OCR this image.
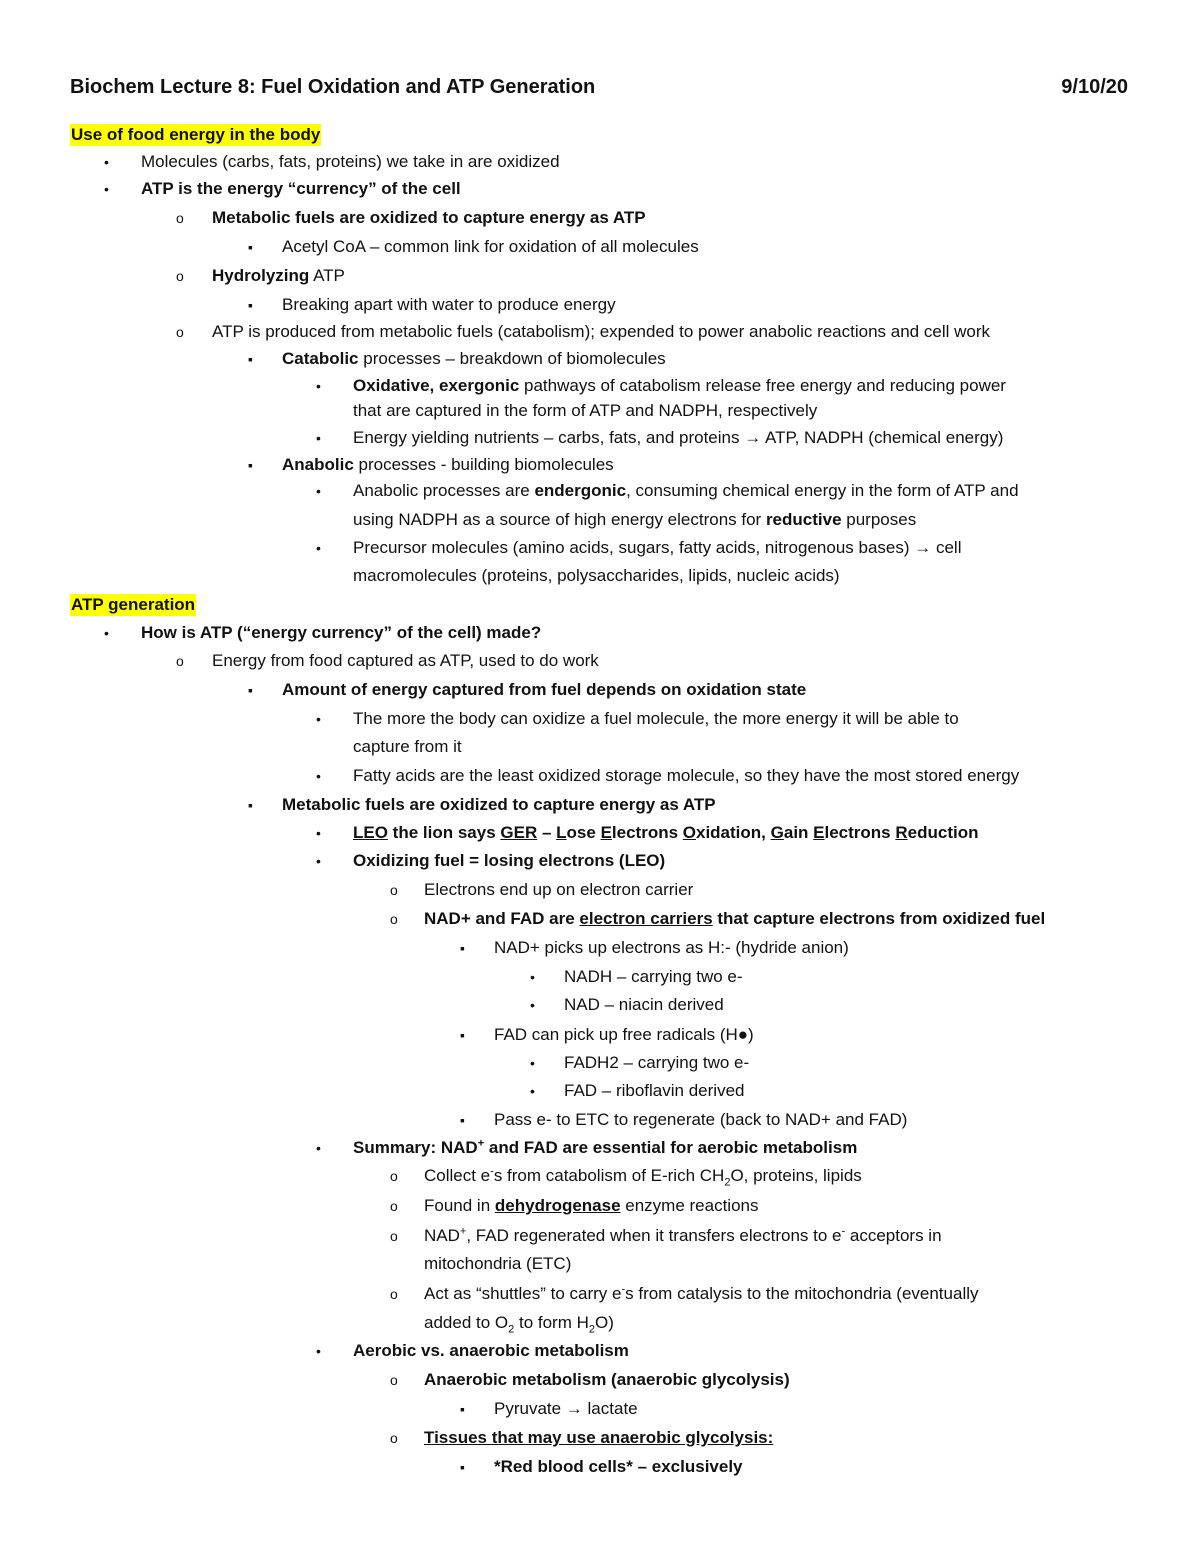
Biochem Lecture 8: Fuel Oxidation and ATP Generation	9/10/20
Use of food energy in the body
• Molecules (carbs, fats, proteins) we take in are oxidized
• ATP is the energy “currency” of the cell
o Metabolic fuels are oxidized to capture energy as ATP
▪ Acetyl CoA – common link for oxidation of all molecules
o Hydrolyzing ATP
▪ Breaking apart with water to produce energy
o ATP is produced from metabolic fuels (catabolism); expended to power anabolic reactions and cell work
▪ Catabolic processes – breakdown of biomolecules
• Oxidative, exergonic pathways of catabolism release free energy and reducing power
that are captured in the form of ATP and NADPH, respectively
• Energy yielding nutrients – carbs, fats, and proteins → ATP, NADPH (chemical energy)
▪ Anabolic processes - building biomolecules
• Anabolic processes are endergonic, consuming chemical energy in the form of ATP and
using NADPH as a source of high energy electrons for reductive purposes
• Precursor molecules (amino acids, sugars, fatty acids, nitrogenous bases) → cell
macromolecules (proteins, polysaccharides, lipids, nucleic acids)
ATP generation
• How is ATP (“energy currency” of the cell) made?
o Energy from food captured as ATP, used to do work
▪ Amount of energy captured from fuel depends on oxidation state
• The more the body can oxidize a fuel molecule, the more energy it will be able to
capture from it
• Fatty acids are the least oxidized storage molecule, so they have the most stored energy
▪ Metabolic fuels are oxidized to capture energy as ATP
• LEO the lion says GER – Lose Electrons Oxidation, Gain Electrons Reduction
• Oxidizing fuel = losing electrons (LEO)
o Electrons end up on electron carrier
o NAD+ and FAD are electron carriers that capture electrons from oxidized fuel
▪ NAD+ picks up electrons as H:- (hydride anion)
• NADH – carrying two e-
• NAD – niacin derived
▪ FAD can pick up free radicals (H●)
• FADH2 – carrying two e-
• FAD – riboflavin derived
▪ Pass e- to ETC to regenerate (back to NAD+ and FAD)
• Summary: NAD+ and FAD are essential for aerobic metabolism
o Collect e-s from catabolism of E-rich $CH_2O$, proteins, lipids
o Found in dehydrogenase enzyme reactions
o NAD+, FAD regenerated when it transfers electrons to e- acceptors in
mitochondria (ETC)
o Act as “shuttles” to carry e-s from catalysis to the mitochondria (eventually
added to $O_2$ to form $H_2O$)
• Aerobic vs. anaerobic metabolism
o Anaerobic metabolism (anaerobic glycolysis)
▪ Pyruvate → lactate
o Tissues that may use anaerobic glycolysis:
▪ *Red blood cells* – exclusively
